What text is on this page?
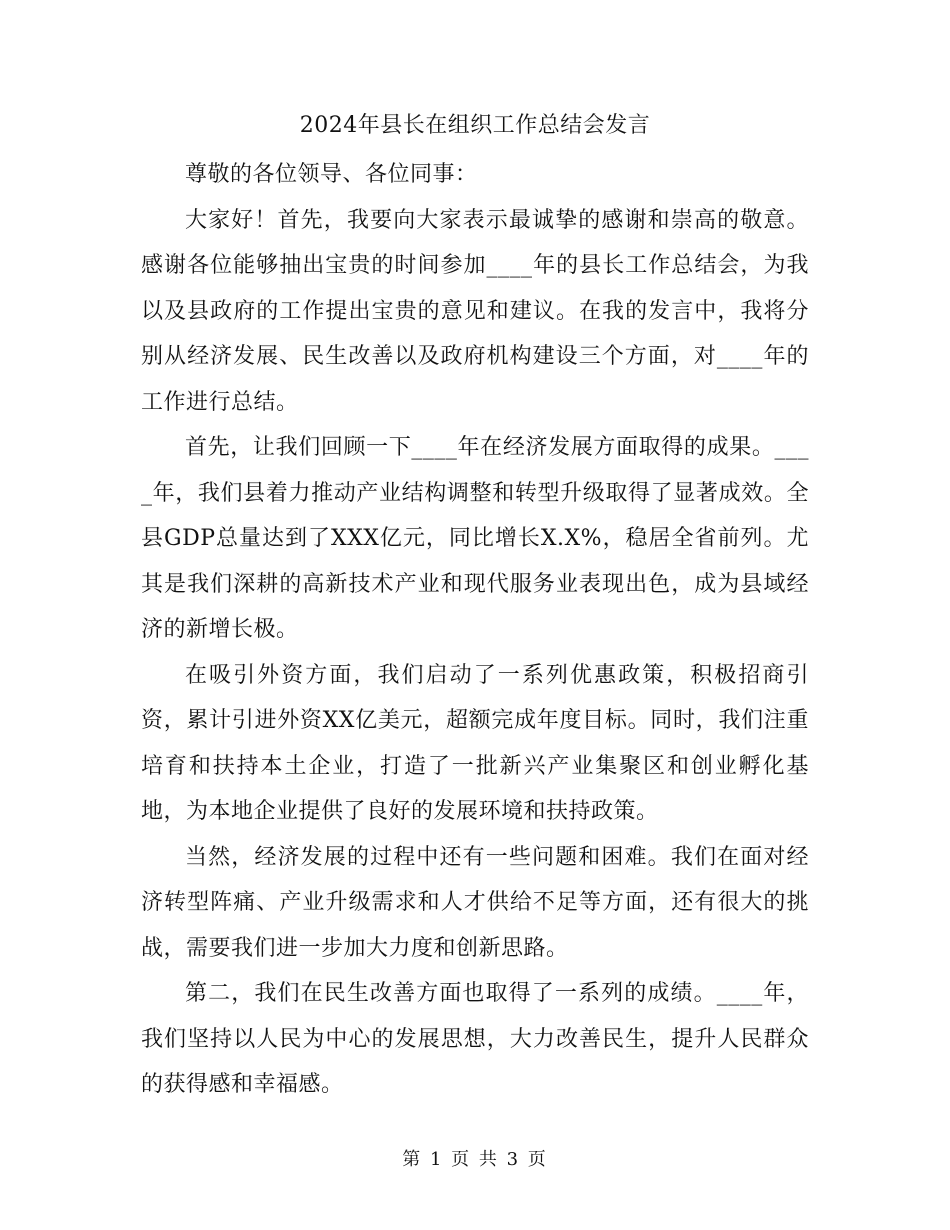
2024年县长在组织工作总结会发言

尊敬的各位领导、各位同事：

大家好！首先，我要向大家表示最诚挚的感谢和崇高的敬意。感谢各位能够抽出宝贵的时间参加____年的县长工作总结会，为我以及县政府的工作提出宝贵的意见和建议。在我的发言中，我将分别从经济发展、民生改善以及政府机构建设三个方面，对____年的工作进行总结。

首先，让我们回顾一下____年在经济发展方面取得的成果。____年，我们县着力推动产业结构调整和转型升级取得了显著成效。全县GDP总量达到了XXX亿元，同比增长X.X%，稳居全省前列。尤其是我们深耕的高新技术产业和现代服务业表现出色，成为县域经济的新增长极。

在吸引外资方面，我们启动了一系列优惠政策，积极招商引资，累计引进外资XX亿美元，超额完成年度目标。同时，我们注重培育和扶持本土企业，打造了一批新兴产业集聚区和创业孵化基地，为本地企业提供了良好的发展环境和扶持政策。

当然，经济发展的过程中还有一些问题和困难。我们在面对经济转型阵痛、产业升级需求和人才供给不足等方面，还有很大的挑战，需要我们进一步加大力度和创新思路。

第二，我们在民生改善方面也取得了一系列的成绩。____年，我们坚持以人民为中心的发展思想，大力改善民生，提升人民群众的获得感和幸福感。

第 1 页 共 3 页
